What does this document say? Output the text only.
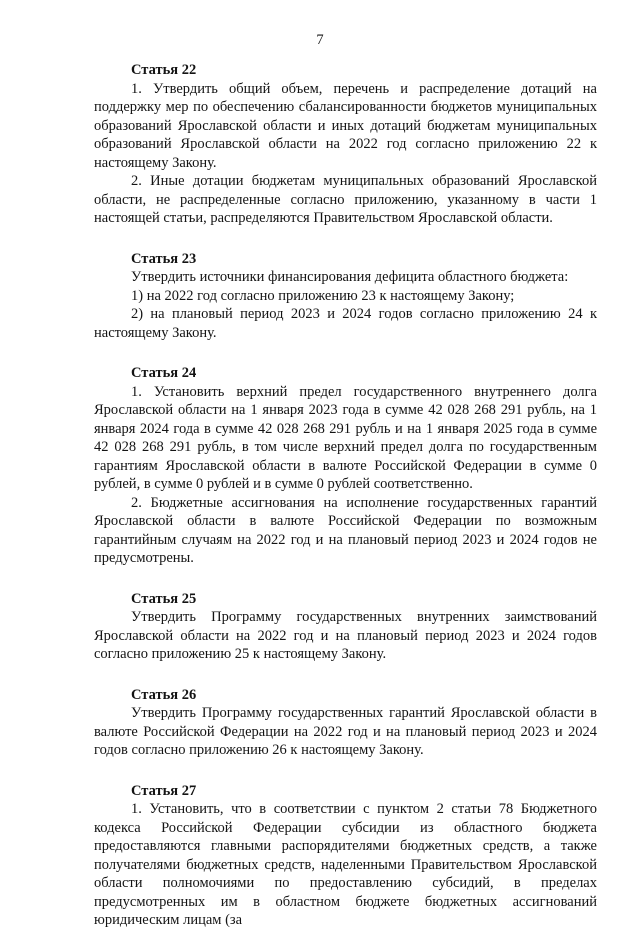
7

Статья 22

1. Утвердить общий объем, перечень и распределение дотаций на поддержку мер по обеспечению сбалансированности бюджетов муниципальных образований Ярославской области и иных дотаций бюджетам муниципальных образований Ярославской области на 2022 год согласно приложению 22 к настоящему Закону.

2. Иные дотации бюджетам муниципальных образований Ярославской области, не распределенные согласно приложению, указанному в части 1 настоящей статьи, распределяются Правительством Ярославской области.

Статья 23

Утвердить источники финансирования дефицита областного бюджета:

1) на 2022 год согласно приложению 23 к настоящему Закону;

2) на плановый период 2023 и 2024 годов согласно приложению 24 к настоящему Закону.

Статья 24

1. Установить верхний предел государственного внутреннего долга Ярославской области на 1 января 2023 года в сумме 42 028 268 291 рубль, на 1 января 2024 года в сумме 42 028 268 291 рубль и на 1 января 2025 года в сумме 42 028 268 291 рубль, в том числе верхний предел долга по государственным гарантиям Ярославской области в валюте Российской Федерации в сумме 0 рублей, в сумме 0 рублей и в сумме 0 рублей соответственно.

2. Бюджетные ассигнования на исполнение государственных гарантий Ярославской области в валюте Российской Федерации по возможным гарантийным случаям на 2022 год и на плановый период 2023 и 2024 годов не предусмотрены.

Статья 25

Утвердить Программу государственных внутренних заимствований Ярославской области на 2022 год и на плановый период 2023 и 2024 годов согласно приложению 25 к настоящему Закону.

Статья 26

Утвердить Программу государственных гарантий Ярославской области в валюте Российской Федерации на 2022 год и на плановый период 2023 и 2024 годов согласно приложению 26 к настоящему Закону.

Статья 27

1. Установить, что в соответствии с пунктом 2 статьи 78 Бюджетного кодекса Российской Федерации субсидии из областного бюджета предоставляются главными распорядителями бюджетных средств, а также получателями бюджетных средств, наделенными Правительством Ярославской области полномочиями по предоставлению субсидий, в пределах предусмотренных им в областном бюджете бюджетных ассигнований юридическим лицам (за
